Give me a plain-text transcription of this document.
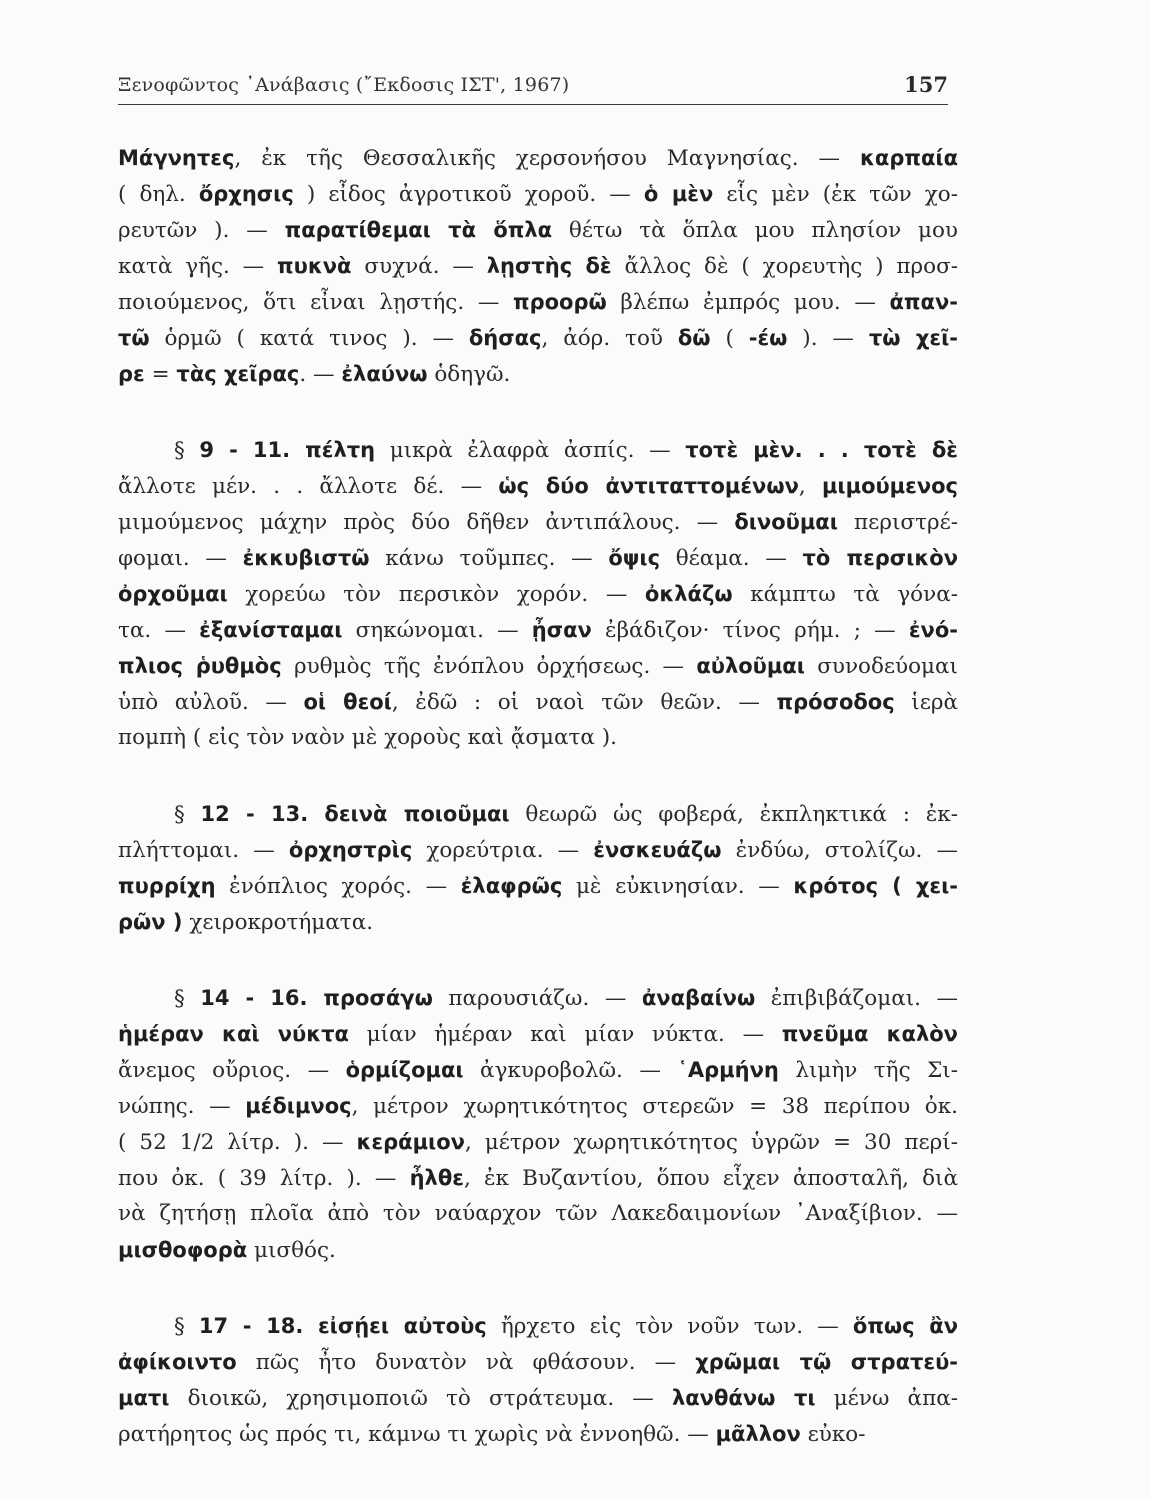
Ξενοφῶντος ᾽Ανάβασις (῎Εκδοσις ΙΣΤ', 1967)	157

Μάγνητες, ἐκ τῆς Θεσσαλικῆς χερσονήσου Μαγνησίας. — καρπαία

( δηλ. ὄρχησις ) εἶδος ἀγροτικοῦ χοροῦ. — ὁ μὲν εἷς μὲν (ἐκ τῶν χο-

ρευτῶν ). — παρατίθεμαι τὰ ὅπλα θέτω τὰ ὅπλα μου πλησίον μου

κατὰ γῆς. — πυκνὰ συχνά. — λῃστὴς δὲ ἄλλος δὲ ( χορευτὴς ) προσ-

ποιούμενος, ὅτι εἶναι λῃστής. — προορῶ βλέπω ἐμπρός μου. — ἀπαν-

τῶ ὁρμῶ ( κατά τινος ). — δήσας, ἀόρ. τοῦ δῶ ( -έω ). — τὼ χεῖ-

ρε = τὰς χεῖρας. — ἐλαύνω ὁδηγῶ.

§ 9 - 11. πέλτη μικρὰ ἐλαφρὰ ἀσπίς. — τοτὲ μὲν. . . τοτὲ δὲ

ἄλλοτε μέν. . . ἄλλοτε δέ. — ὡς δύο ἀντιταττομένων, μιμούμενος

μιμούμενος μάχην πρὸς δύο δῆθεν ἀντιπάλους. — δινοῦμαι περιστρέ-

φομαι. — ἐκκυβιστῶ κάνω τοῦμπες. — ὄψις θέαμα. — τὸ περσικὸν

ὀρχοῦμαι χορεύω τὸν περσικὸν χορόν. — ὀκλάζω κάμπτω τὰ γόνα-

τα. — ἐξανίσταμαι σηκώνομαι. — ᾖσαν ἐβάδιζον· τίνος ρήμ. ; — ἐνό-

πλιος ῥυθμὸς ρυθμὸς τῆς ἐνόπλου ὀρχήσεως. — αὐλοῦμαι συνοδεύομαι

ὑπὸ αὐλοῦ. — οἱ θεοί, ἐδῶ : οἱ ναοὶ τῶν θεῶν. — πρόσοδος ἱερὰ

πομπὴ ( εἰς τὸν ναὸν μὲ χοροὺς καὶ ᾄσματα ).

§ 12 - 13. δεινὰ ποιοῦμαι θεωρῶ ὡς φοβερά, ἐκπληκτικά : ἐκ-

πλήττομαι. — ὀρχηστρὶς χορεύτρια. — ἐνσκευάζω ἐνδύω, στολίζω. —

πυρρίχη ἐνόπλιος χορός. — ἐλαφρῶς μὲ εὐκινησίαν. — κρότος ( χει-

ρῶν ) χειροκροτήματα.

§ 14 - 16. προσάγω παρουσιάζω. — ἀναβαίνω ἐπιβιβάζομαι. —

ἡμέραν καὶ νύκτα μίαν ἡμέραν καὶ μίαν νύκτα. — πνεῦμα καλὸν

ἄνεμος οὔριος. — ὁρμίζομαι ἀγκυροβολῶ. — ῾Αρμήνη λιμὴν τῆς Σι-

νώπης. — μέδιμνος, μέτρον χωρητικότητος στερεῶν = 38 περίπου ὀκ.

( 52 1/2 λίτρ. ). — κεράμιον, μέτρον χωρητικότητος ὑγρῶν = 30 περί-

που ὀκ. ( 39 λίτρ. ). — ἦλθε, ἐκ Βυζαντίου, ὅπου εἶχεν ἀποσταλῆ, διὰ

νὰ ζητήσῃ πλοῖα ἀπὸ τὸν ναύαρχον τῶν Λακεδαιμονίων ᾽Αναξίβιον. —

μισθοφορὰ μισθός.

§ 17 - 18. εἰσῄει αὐτοὺς ἤρχετο εἰς τὸν νοῦν των. — ὅπως ἂν

ἀφίκοιντο πῶς ἦτο δυνατὸν νὰ φθάσουν. — χρῶμαι τῷ στρατεύ-

ματι διοικῶ, χρησιμοποιῶ τὸ στράτευμα. — λανθάνω τι μένω ἀπα-

ρατήρητος ὡς πρός τι, κάμνω τι χωρὶς νὰ ἐννοηθῶ. — μᾶλλον εὐκο-
